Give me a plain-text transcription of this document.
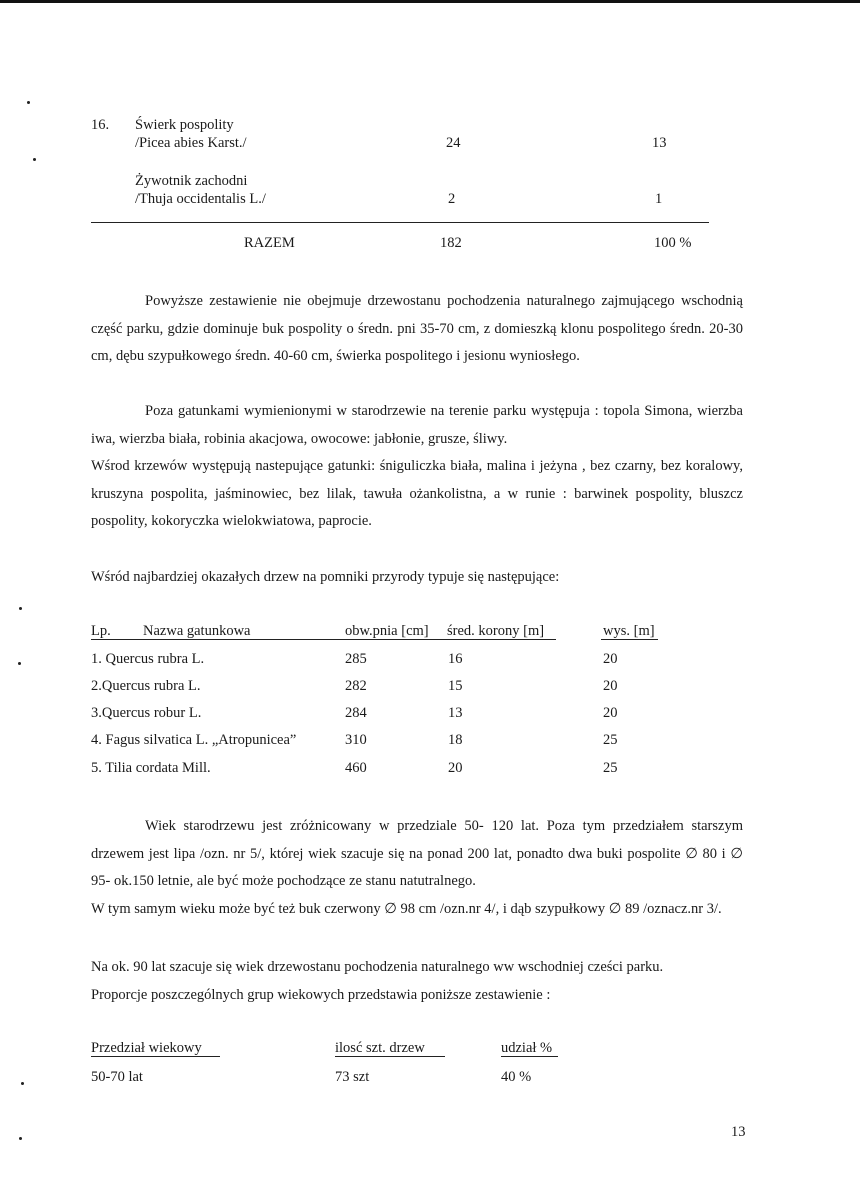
16. Świerk pospolity
/Picea abies Karst./	24	13
Żywotnik zachodni
/Thuja occidentalis L./	2	1
RAZEM	182	100 %
Powyższe zestawienie nie obejmuje drzewostanu pochodzenia naturalnego zajmującego wschodnią część parku, gdzie dominuje buk pospolity o średn. pni 35-70 cm, z domieszką klonu pospolitego średn. 20-30 cm, dębu szypułkowego średn. 40-60 cm, świerka pospolitego i jesionu wyniosłego.
Poza gatunkami wymienionymi w starodrzewie na terenie parku występuja : topola Simona, wierzba iwa, wierzba biała, robinia akacjowa, owocowe: jabłonie, grusze, śliwy.
Wśrod krzewów występują nastepujące gatunki: śniguliczka biała, malina i jeżyna , bez czarny, bez koralowy, kruszyna pospolita, jaśminowiec, bez lilak, tawuła ożankolistna, a w runie : barwinek pospolity, bluszcz pospolity, kokoryczka wielokwiatowa, paprocie.
Wśród najbardziej okazałych drzew na pomniki przyrody typuje się następujące:
Lp. Nazwa gatunkowa	obw.pnia [cm] śred. korony [m]	wys. [m]
1. Quercus rubra L.	285	16	20
2.Quercus rubra L.	282	15	20
3.Quercus robur L.	284	13	20
4. Fagus silvatica L. „Atropunicea”	310	18	25
5. Tilia cordata Mill.	460	20	25
Wiek starodrzewu jest zróżnicowany w przedziale 50- 120 lat. Poza tym przedziałem starszym drzewem jest lipa /ozn. nr 5/, której wiek szacuje się na ponad 200 lat, ponadto dwa buki pospolite ∅ 80 i ∅ 95- ok.150 letnie, ale być może pochodzące ze stanu natutralnego.
W tym samym wieku może być też buk czerwony ∅ 98 cm /ozn.nr 4/, i dąb szypułkowy ∅ 89 /oznacz.nr 3/.
Na ok. 90 lat szacuje się wiek drzewostanu pochodzenia naturalnego ww wschodniej cześci parku.
Proporcje poszczególnych grup wiekowych przedstawia poniższe zestawienie :
Przedział wiekowy	ilosć szt. drzew	udział %
50-70 lat	73 szt	40 %
13
